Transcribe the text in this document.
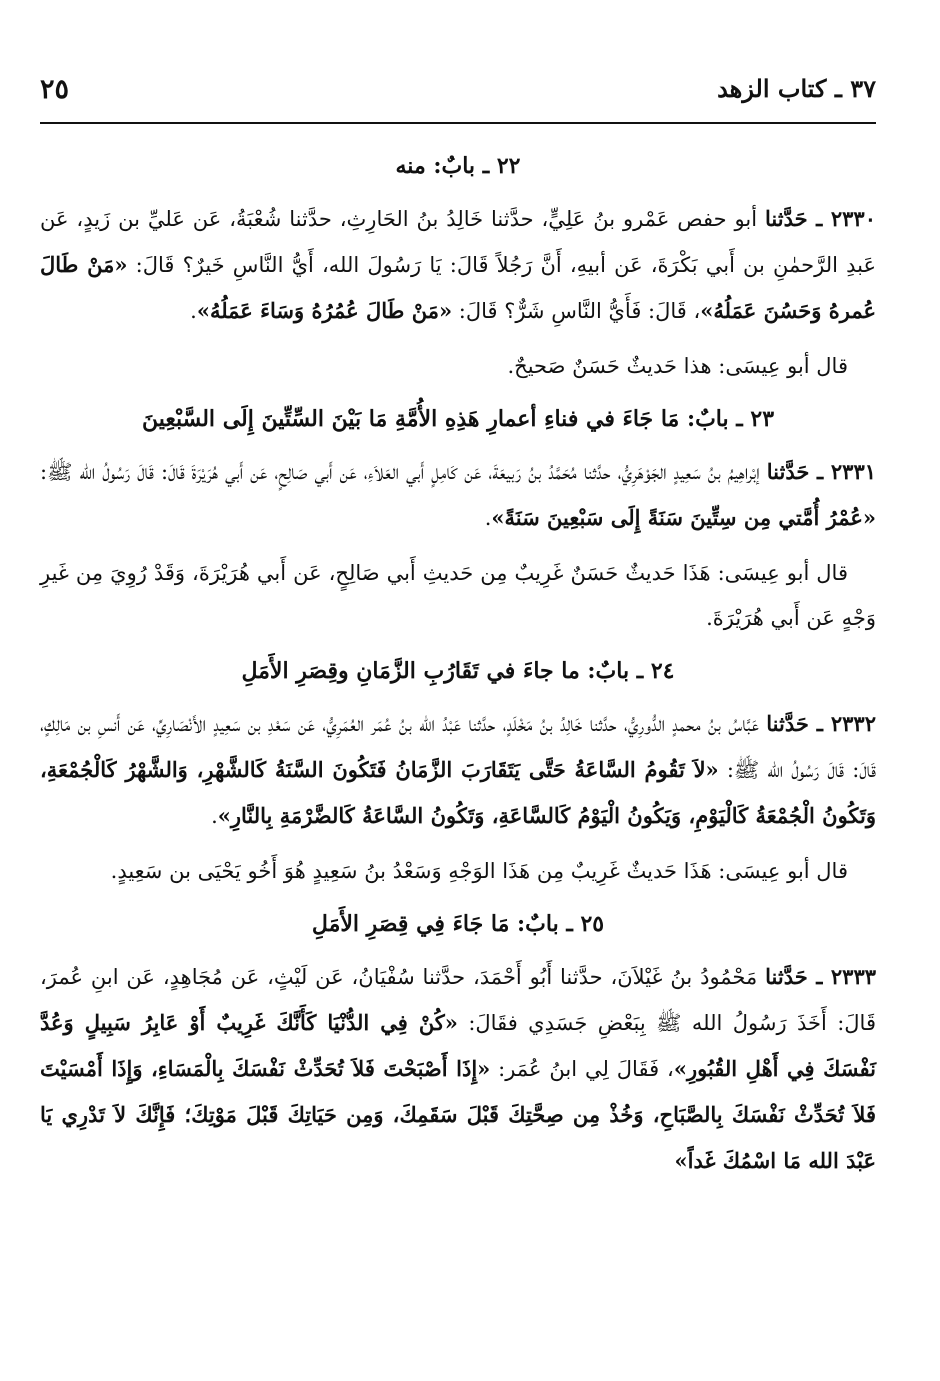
٣٧ ـ كتاب الزهد
٢٥
٢٢ ـ بابٌ: منه

٢٣٣٠ ـ حَدَّثنا أبو حفص عَمْرو بنُ عَلِيٍّ، حدَّثنا خَالِدُ بنُ الحَارِثِ، حدَّثنا شُعْبَةُ، عَن عَليِّ بن زَيدٍ، عَن عَبدِ الرَّحمٰنِ بن أَبي بَكْرَةَ، عَن أبيهِ، أَنَّ رَجُلاً قَالَ: يَا رَسُولَ الله، أَيُّ النَّاسِ خَيرٌ؟ قَالَ: «مَنْ طَالَ عُمرهُ وَحَسُنَ عَمَلُهُ»، قَالَ: فَأَيُّ النَّاسِ شَرٌّ؟ قَالَ: «مَنْ طَالَ عُمُرُهُ وَسَاءَ عَمَلُهُ».

قال أبو عِيسَى: هذا حَديثٌ حَسَنٌ صَحيحٌ.

٢٣ ـ بابٌ: مَا جَاءَ في فناءِ أعمارِ هَذِهِ الأُمَّةِ مَا بَيْنَ السِّتِّينَ إِلَى السَّبْعِينَ

٢٣٣١ ـ حَدَّثنا إبْراهِيمُ بنُ سَعِيدٍ الجَوْهَرِيُّ، حدَّثنا مُحَمَّدُ بنُ رَبيعَةَ، عَن كَامِلٍ أَبي العَلاَءِ، عَن أَبي صَالِحٍ، عَن أَبي هُرَيْرَةَ قَالَ: قَالَ رَسُولُ الله ﷺ: «عُمْرُ أُمَّتي مِن سِتِّينَ سَنَةً إِلَى سَبْعِينَ سَنَةً».

قال أبو عِيسَى: هَذَا حَديثٌ حَسَنٌ غَرِيبٌ مِن حَديثِ أَبي صَالِحٍ، عَن أَبي هُرَيْرَةَ، وَقَدْ رُوِيَ مِن غَيرِ وَجْهٍ عَن أَبي هُرَيْرَةَ.

٢٤ ـ بابٌ: ما جاءَ في تَقَارُبِ الزَّمَانِ وقِصَرِ الأَمَلِ

٢٣٣٢ ـ حَدَّثنا عَبَّاسُ بنُ محمدٍ الدُّورِيُّ، حدَّثنا خَالِدُ بنُ مَخْلَدٍ، حدَّثنا عَبْدُ الله بنُ عُمَر العُمَرِيُّ، عَن سَعْدِ بن سَعِيدٍ الأَنْصَارِيِّ، عَن أَنسِ بن مَالِكٍ، قَالَ: قَالَ رَسُولُ الله ﷺ: «لاَ تَقُومُ السَّاعَةُ حَتَّى يَتَقَارَبَ الزَّمَانُ فَتَكُونَ السَّنَةُ كَالشَّهْرِ، وَالشَّهْرُ كَالْجُمْعَةِ، وَتَكُونُ الْجُمْعَةُ كَالْيَوْمِ، وَيَكُونُ الْيَوْمُ كَالسَّاعَةِ، وَتَكُونُ السَّاعَةُ كَالضَّرْمَةِ بِالنَّارِ».

قال أبو عِيسَى: هَذَا حَديثٌ غَرِيبٌ مِن هَذَا الوَجْهِ وَسَعْدُ بنُ سَعِيدٍ هُوَ أَخُو يَحْيَى بن سَعِيدٍ.

٢٥ ـ بابٌ: مَا جَاءَ فِي قِصَرِ الأَمَلِ

٢٣٣٣ ـ حَدَّثنا مَحْمُودُ بنُ غَيْلاَنَ، حدَّثنا أَبُو أَحْمَدَ، حدَّثنا سُفْيَانُ، عَن لَيْثٍ، عَن مُجَاهِدٍ، عَن ابنِ عُمرَ، قَالَ: أَخَذَ رَسُولُ الله ﷺ بِبَعْضِ جَسَدِي فقَالَ: «كُنْ فِي الدُّنْيَا كَأَنَّكَ غَرِيبٌ أَوْ عَابِرُ سَبِيلٍ وَعُدَّ نَفْسَكَ فِي أَهْلِ القُبُورِ»، فَقَالَ لِي ابنُ عُمَر: «إِذَا أَصْبَحْتَ فَلاَ تُحَدِّثْ نَفْسَكَ بِالْمَسَاءِ، وَإِذَا أَمْسَيْتَ فَلاَ تُحَدِّثْ نَفْسَكَ بِالصَّبَاحِ، وَخُذْ مِن صِحَّتِكَ قَبْلَ سَقَمِكَ، وَمِن حَيَاتِكَ قَبْلَ مَوْتِكَ؛ فَإِنَّكَ لاَ تَدْرِي يَا عَبْدَ الله مَا اسْمُكَ غَداً»
